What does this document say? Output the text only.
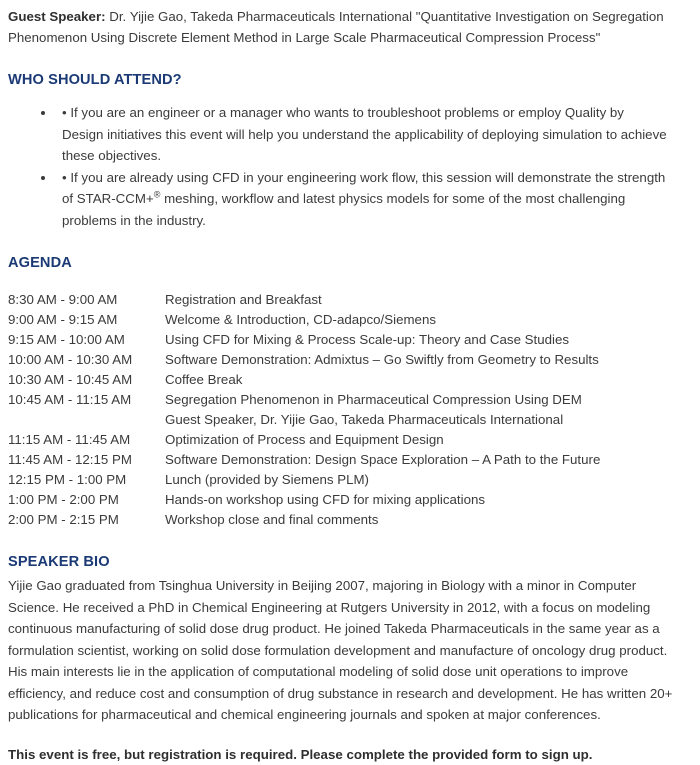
Guest Speaker: Dr. Yijie Gao, Takeda Pharmaceuticals International "Quantitative Investigation on Segregation Phenomenon Using Discrete Element Method in Large Scale Pharmaceutical Compression Process"

WHO SHOULD ATTEND?
• • If you are an engineer or a manager who wants to troubleshoot problems or employ Quality by Design initiatives this event will help you understand the applicability of deploying simulation to achieve these objectives.
• • If you are already using CFD in your engineering work flow, this session will demonstrate the strength of STAR-CCM+® meshing, workflow and latest physics models for some of the most challenging problems in the industry.
AGENDA
8:30 AM - 9:00 AM	Registration and Breakfast
9:00 AM - 9:15 AM	Welcome & Introduction, CD-adapco/Siemens
9:15 AM - 10:00 AM	Using CFD for Mixing & Process Scale-up: Theory and Case Studies
10:00 AM - 10:30 AM	Software Demonstration: Admixtus – Go Swiftly from Geometry to Results
10:30 AM - 10:45 AM	Coffee Break
10:45 AM - 11:15 AM	Segregation Phenomenon in Pharmaceutical Compression Using DEM
Guest Speaker, Dr. Yijie Gao, Takeda Pharmaceuticals International
11:15 AM - 11:45 AM	Optimization of Process and Equipment Design
11:45 AM - 12:15 PM	Software Demonstration: Design Space Exploration – A Path to the Future
12:15 PM - 1:00 PM	Lunch (provided by Siemens PLM)
1:00 PM - 2:00 PM	Hands-on workshop using CFD for mixing applications
2:00 PM - 2:15 PM	Workshop close and final comments
SPEAKER BIO

Yijie Gao graduated from Tsinghua University in Beijing 2007, majoring in Biology with a minor in Computer Science. He received a PhD in Chemical Engineering at Rutgers University in 2012, with a focus on modeling continuous manufacturing of solid dose drug product. He joined Takeda Pharmaceuticals in the same year as a formulation scientist, working on solid dose formulation development and manufacture of oncology drug product. His main interests lie in the application of computational modeling of solid dose unit operations to improve efficiency, and reduce cost and consumption of drug substance in research and development. He has written 20+ publications for pharmaceutical and chemical engineering journals and spoken at major conferences.

This event is free, but registration is required. Please complete the provided form to sign up.
